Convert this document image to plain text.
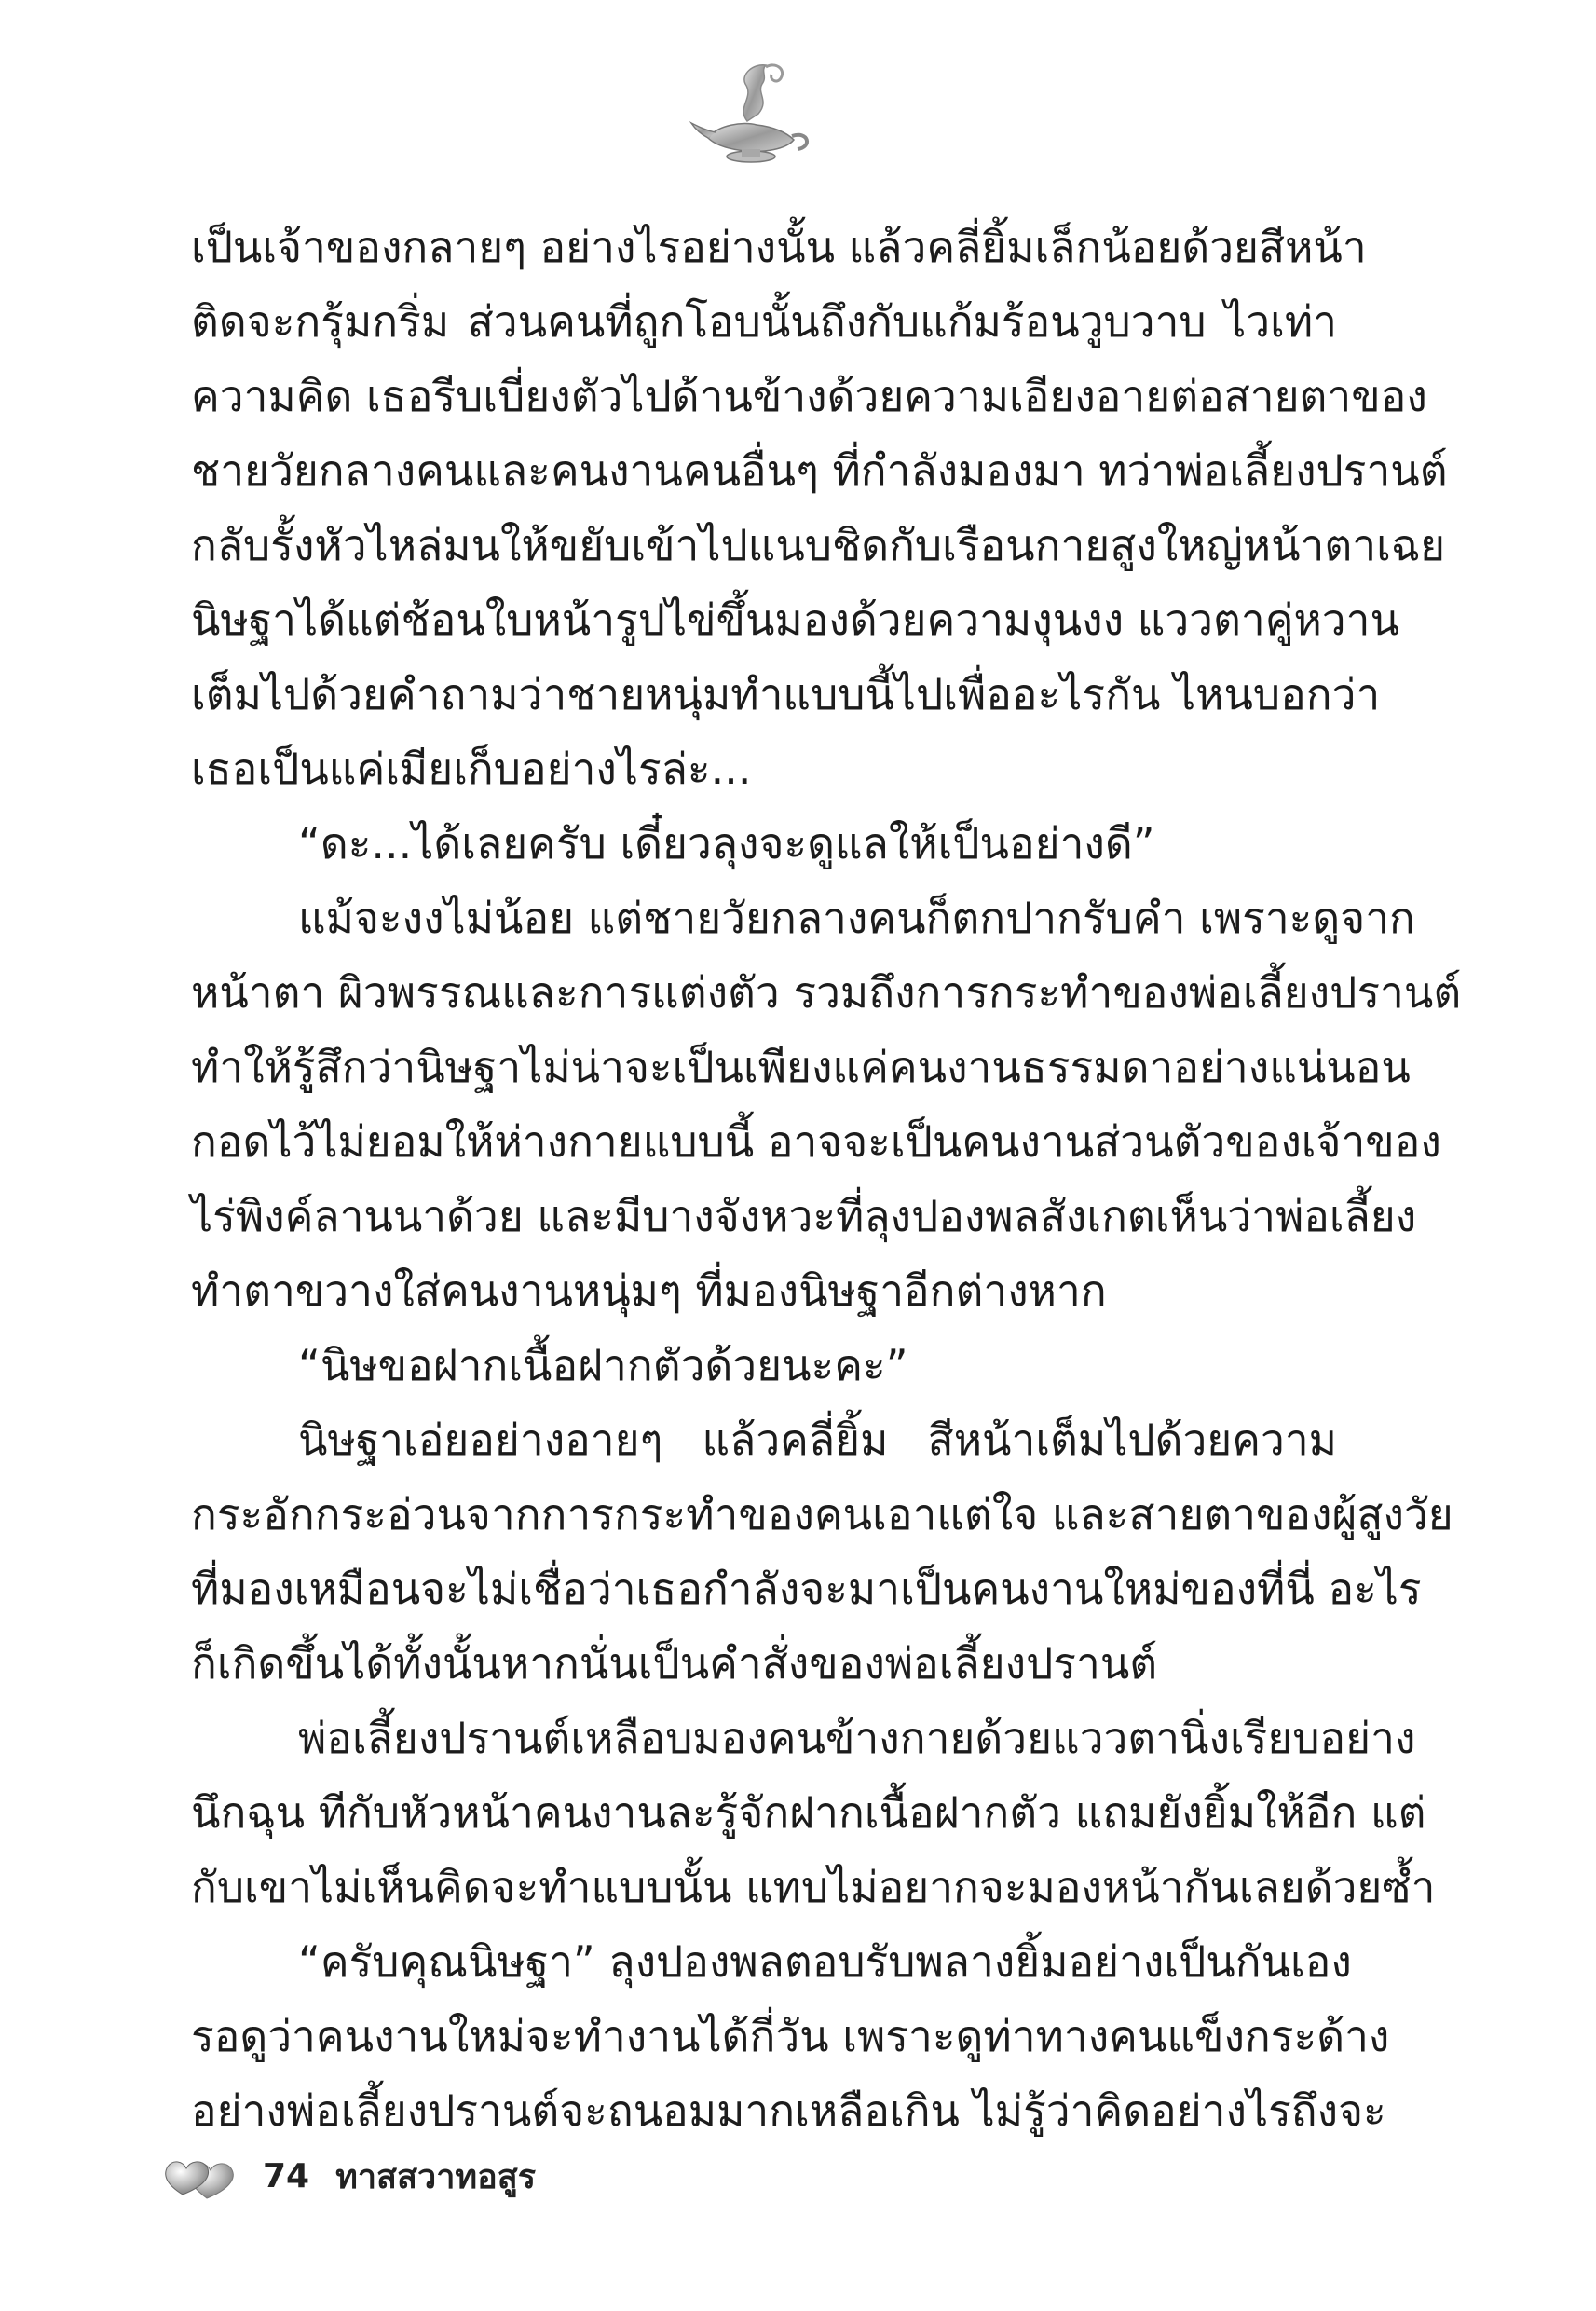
เป็นเจ้าของกลายๆ อย่างไรอย่างนั้น แล้วคลี่ยิ้มเล็กน้อยด้วยสีหน้า
ติดจะกรุ้มกริ่ม ส่วนคนที่ถูกโอบนั้นถึงกับแก้มร้อนวูบวาบ ไวเท่า
ความคิด เธอรีบเบี่ยงตัวไปด้านข้างด้วยความเอียงอายต่อสายตาของ
ชายวัยกลางคนและคนงานคนอื่นๆ ที่กำลังมองมา ทว่าพ่อเลี้ยงปรานต์
กลับรั้งหัวไหล่มนให้ขยับเข้าไปแนบชิดกับเรือนกายสูงใหญ่หน้าตาเฉย
นิษฐาได้แต่ช้อนใบหน้ารูปไข่ขึ้นมองด้วยความงุนงง แววตาคู่หวาน
เต็มไปด้วยคำถามว่าชายหนุ่มทำแบบนี้ไปเพื่ออะไรกัน ไหนบอกว่า
เธอเป็นแค่เมียเก็บอย่างไรล่ะ...
“ดะ...ได้เลยครับ เดี๋ยวลุงจะดูแลให้เป็นอย่างดี”
แม้จะงงไม่น้อย แต่ชายวัยกลางคนก็ตกปากรับคำ เพราะดูจาก
หน้าตา ผิวพรรณและการแต่งตัว รวมถึงการกระทำของพ่อเลี้ยงปรานต์
ทำให้รู้สึกว่านิษฐาไม่น่าจะเป็นเพียงแค่คนงานธรรมดาอย่างแน่นอน
กอดไว้ไม่ยอมให้ห่างกายแบบนี้ อาจจะเป็นคนงานส่วนตัวของเจ้าของ
ไร่พิงค์ลานนาด้วย และมีบางจังหวะที่ลุงปองพลสังเกตเห็นว่าพ่อเลี้ยง
ทำตาขวางใส่คนงานหนุ่มๆ ที่มองนิษฐาอีกต่างหาก
“นิษขอฝากเนื้อฝากตัวด้วยนะคะ”
นิษฐาเอ่ยอย่างอายๆ แล้วคลี่ยิ้ม สีหน้าเต็มไปด้วยความ
กระอักกระอ่วนจากการกระทำของคนเอาแต่ใจ และสายตาของผู้สูงวัย
ที่มองเหมือนจะไม่เชื่อว่าเธอกำลังจะมาเป็นคนงานใหม่ของที่นี่ อะไร
ก็เกิดขึ้นได้ทั้งนั้นหากนั่นเป็นคำสั่งของพ่อเลี้ยงปรานต์
พ่อเลี้ยงปรานต์เหลือบมองคนข้างกายด้วยแววตานิ่งเรียบอย่าง
นึกฉุน ทีกับหัวหน้าคนงานละรู้จักฝากเนื้อฝากตัว แถมยังยิ้มให้อีก แต่
กับเขาไม่เห็นคิดจะทำแบบนั้น แทบไม่อยากจะมองหน้ากันเลยด้วยซ้ำ
“ครับคุณนิษฐา” ลุงปองพลตอบรับพลางยิ้มอย่างเป็นกันเอง
รอดูว่าคนงานใหม่จะทำงานได้กี่วัน เพราะดูท่าทางคนแข็งกระด้าง
อย่างพ่อเลี้ยงปรานต์จะถนอมมากเหลือเกิน ไม่รู้ว่าคิดอย่างไรถึงจะ
74 ทาสสวาทอสูร
